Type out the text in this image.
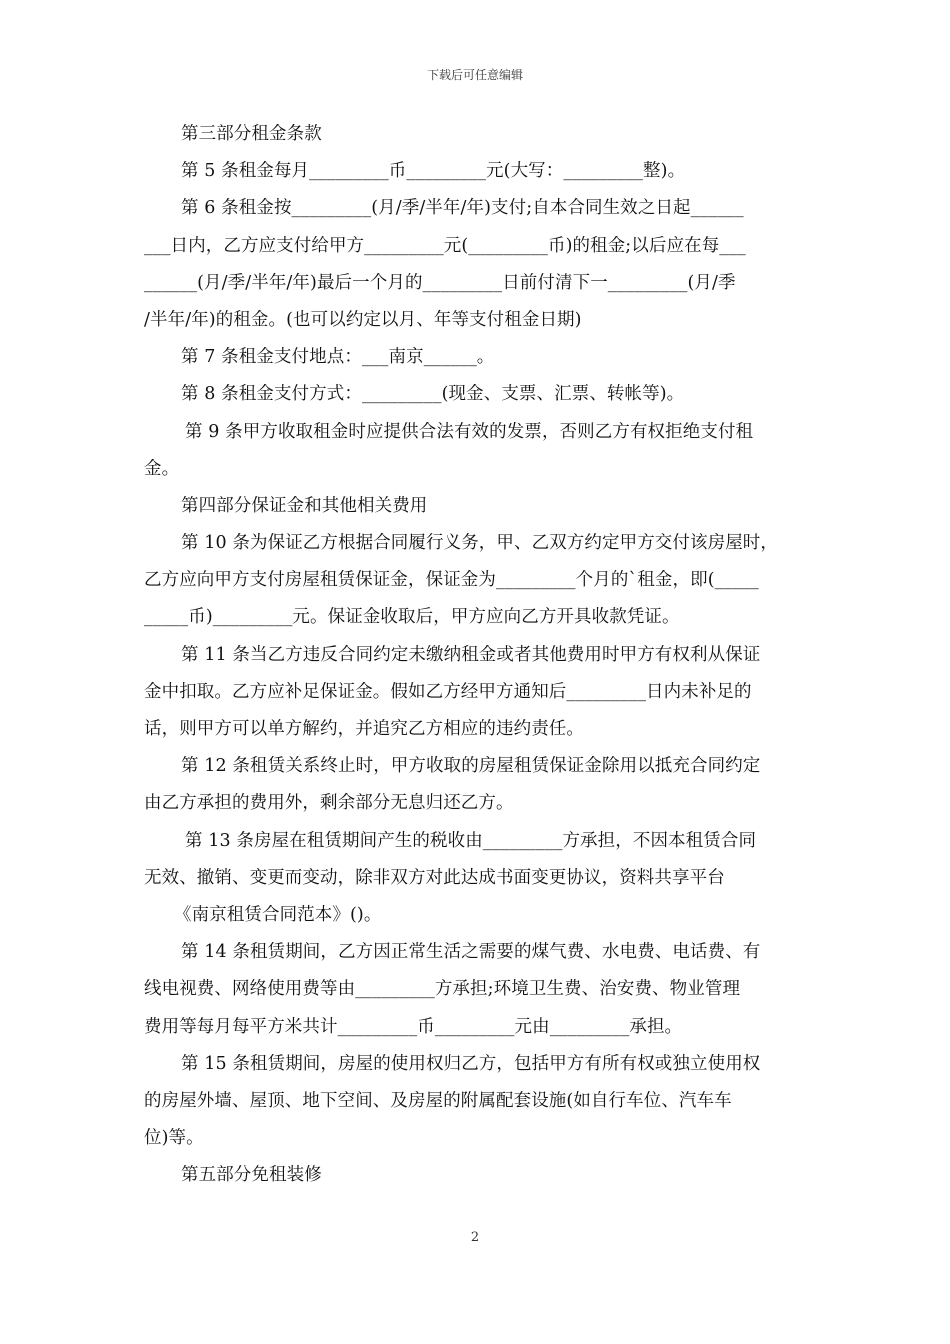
下载后可任意编辑
第三部分租金条款
第 5 条租金每月_________币_________元(大写：_________整)。
第 6 条租金按_________(月/季/半年/年)支付;自本合同生效之日起______
___日内，乙方应支付给甲方_________元(_________币)的租金;以后应在每___
______(月/季/半年/年)最后一个月的_________日前付清下一_________(月/季
/半年/年)的租金。(也可以约定以月、年等支付租金日期)
第 7 条租金支付地点：___南京______。
第 8 条租金支付方式：_________(现金、支票、汇票、转帐等)。
第 9 条甲方收取租金时应提供合法有效的发票，否则乙方有权拒绝支付租
金。
第四部分保证金和其他相关费用
第 10 条为保证乙方根据合同履行义务，甲、乙双方约定甲方交付该房屋时，
乙方应向甲方支付房屋租赁保证金，保证金为_________个月的`租金，即(_____
_____币)_________元。保证金收取后，甲方应向乙方开具收款凭证。
第 11 条当乙方违反合同约定未缴纳租金或者其他费用时甲方有权利从保证
金中扣取。乙方应补足保证金。假如乙方经甲方通知后_________日内未补足的
话，则甲方可以单方解约，并追究乙方相应的违约责任。
第 12 条租赁关系终止时，甲方收取的房屋租赁保证金除用以抵充合同约定
由乙方承担的费用外，剩余部分无息归还乙方。
第 13 条房屋在租赁期间产生的税收由_________方承担，不因本租赁合同
无效、撤销、变更而变动，除非双方对此达成书面变更协议，资料共享平台
《南京租赁合同范本》()。
第 14 条租赁期间，乙方因正常生活之需要的煤气费、水电费、电话费、有
线电视费、网络使用费等由_________方承担;环境卫生费、治安费、物业管理
费用等每月每平方米共计_________币_________元由_________承担。
第 15 条租赁期间，房屋的使用权归乙方，包括甲方有所有权或独立使用权
的房屋外墙、屋顶、地下空间、及房屋的附属配套设施(如自行车位、汽车车
位)等。
第五部分免租装修
2
